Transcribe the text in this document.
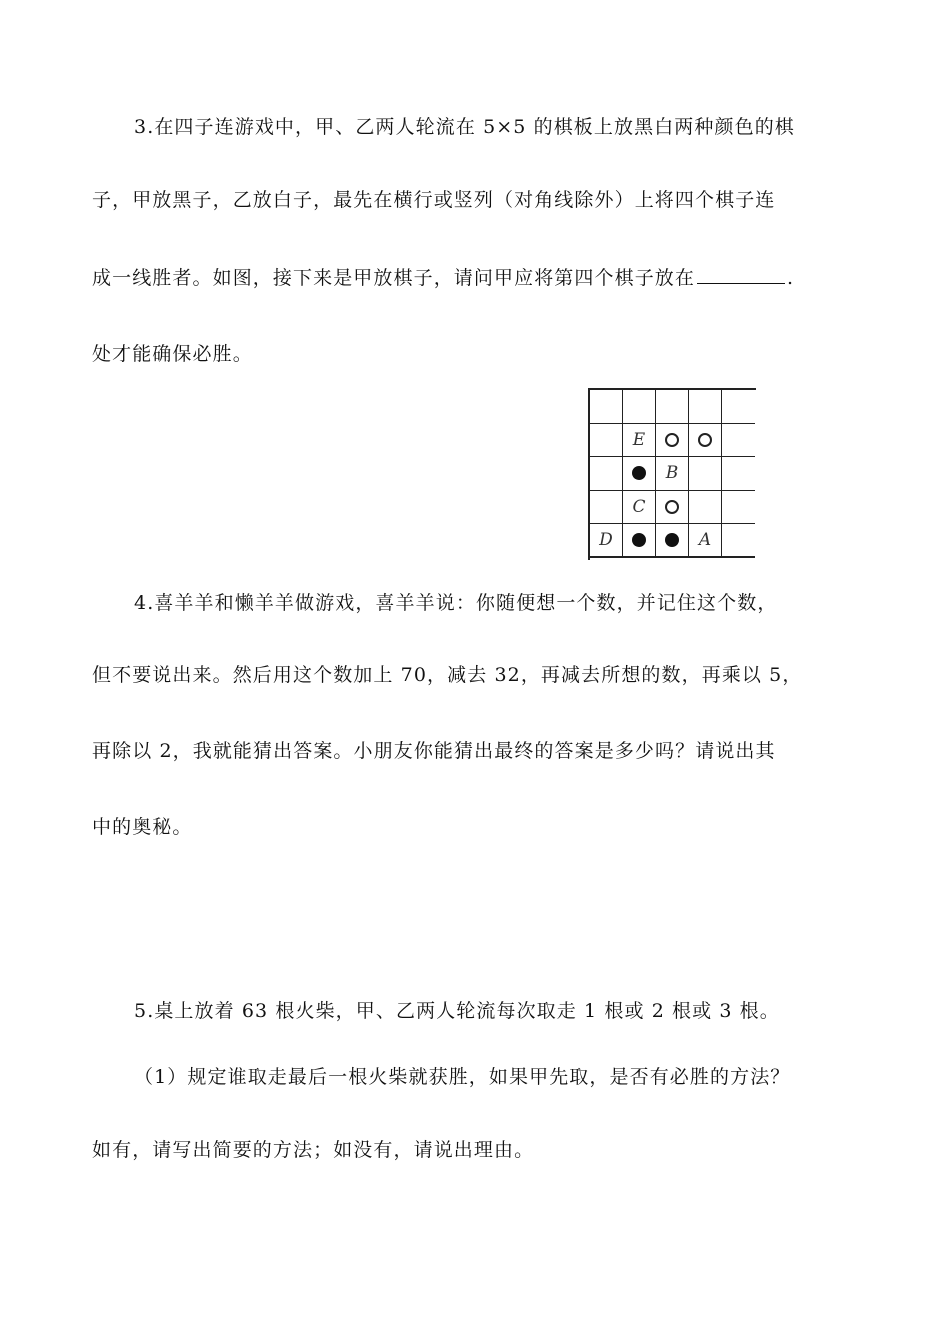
3.在四子连游戏中，甲、乙两人轮流在 5×5 的棋板上放黑白两种颜色的棋
子，甲放黑子，乙放白子，最先在横行或竖列（对角线除外）上将四个棋子连
成一线胜者。如图，接下来是甲放棋子，请问甲应将第四个棋子放在	.
处才能确保必胜。
E
B
C
D	A
4.喜羊羊和懒羊羊做游戏，喜羊羊说：你随便想一个数，并记住这个数，
但不要说出来。然后用这个数加上 70，减去 32，再减去所想的数，再乘以 5，
再除以 2，我就能猜出答案。小朋友你能猜出最终的答案是多少吗？请说出其
中的奥秘。
5.桌上放着 63 根火柴，甲、乙两人轮流每次取走 1 根或 2 根或 3 根。
（1）规定谁取走最后一根火柴就获胜，如果甲先取，是否有必胜的方法？
如有，请写出简要的方法；如没有，请说出理由。
